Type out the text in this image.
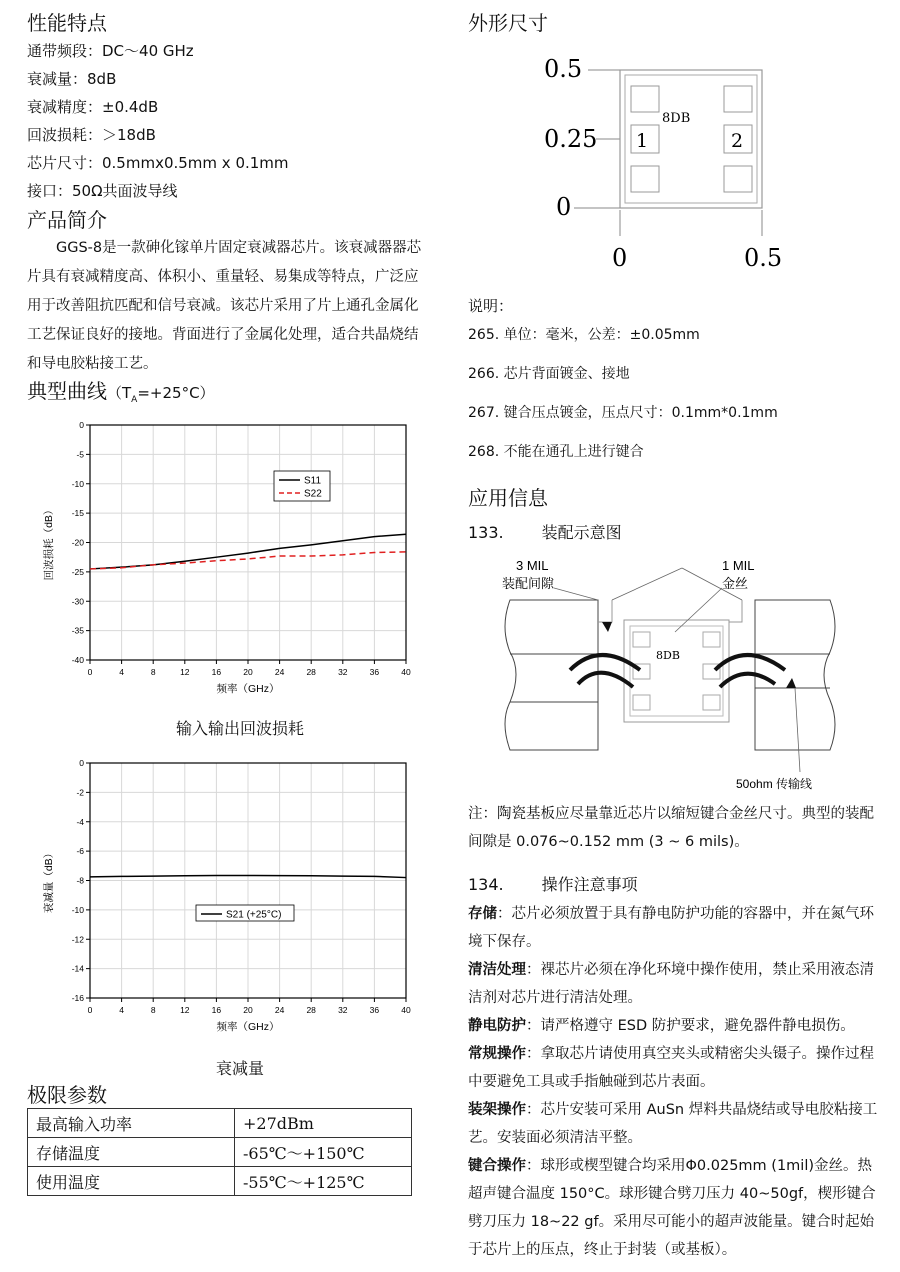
性能特点
通带频段：DC～40 GHz
衰减量：8dB
衰减精度：±0.4dB
回波损耗：＞18dB
芯片尺寸：0.5mmx0.5mm x 0.1mm
接口：50Ω共面波导线
产品简介
　　GGS-8是一款砷化镓单片固定衰减器芯片。该衰减器器芯片具有衰减精度高、体积小、重量轻、易集成等特点，广泛应用于改善阻抗匹配和信号衰减。该芯片采用了片上通孔金属化工艺保证良好的接地。背面进行了金属化处理，适合共晶烧结和导电胶粘接工艺。
典型曲线$(T_A=+25^\circ C)$
0	4	8	12	16	20	24	28	32	36	40
0
-5
-10
-15
-20
-25
-30
-35
-40
频率（GHz）
回波损耗（dB）
S11
S22
输入输出回波损耗
0	4	8	12	16	20	24	28	32	36	40
0
-2
-4
-6
-8
-10
-12
-14
-16
频率（GHz）
衰减量（dB）
S21 (+25°C)
衰减量
极限参数
最高输入功率	+27dBm
存储温度	-65℃～+150℃
使用温度	-55℃～+125℃
外形尺寸
0.5
0.25
0
0	0.5
8DB
1	2
说明：
265. 单位：毫米，公差：±0.05mm
266. 芯片背面镀金、接地
267. 键合压点镀金，压点尺寸：0.1mm*0.1mm
268. 不能在通孔上进行键合
应用信息
133. 装配示意图
3 MIL
装配间隙
1 MIL
金丝
8DB
50ohm 传输线
注：陶瓷基板应尽量靠近芯片以缩短键合金丝尺寸。典型的装配间隙是 0.076~0.152 mm (3 ~ 6 mils)。
134. 操作注意事项
存储：芯片必须放置于具有静电防护功能的容器中，并在氮气环境下保存。
清洁处理：裸芯片必须在净化环境中操作使用，禁止采用液态清洁剂对芯片进行清洁处理。
静电防护：请严格遵守 ESD 防护要求，避免器件静电损伤。
常规操作：拿取芯片请使用真空夹头或精密尖头镊子。操作过程中要避免工具或手指触碰到芯片表面。
装架操作：芯片安装可采用 AuSn 焊料共晶烧结或导电胶粘接工艺。安装面必须清洁平整。
键合操作：球形或楔型键合均采用Φ0.025mm (1mil)金丝。热超声键合温度 150°C。球形键合劈刀压力 40~50gf，楔形键合劈刀压力 18~22 gf。采用尽可能小的超声波能量。键合时起始于芯片上的压点，终止于封装（或基板）。
